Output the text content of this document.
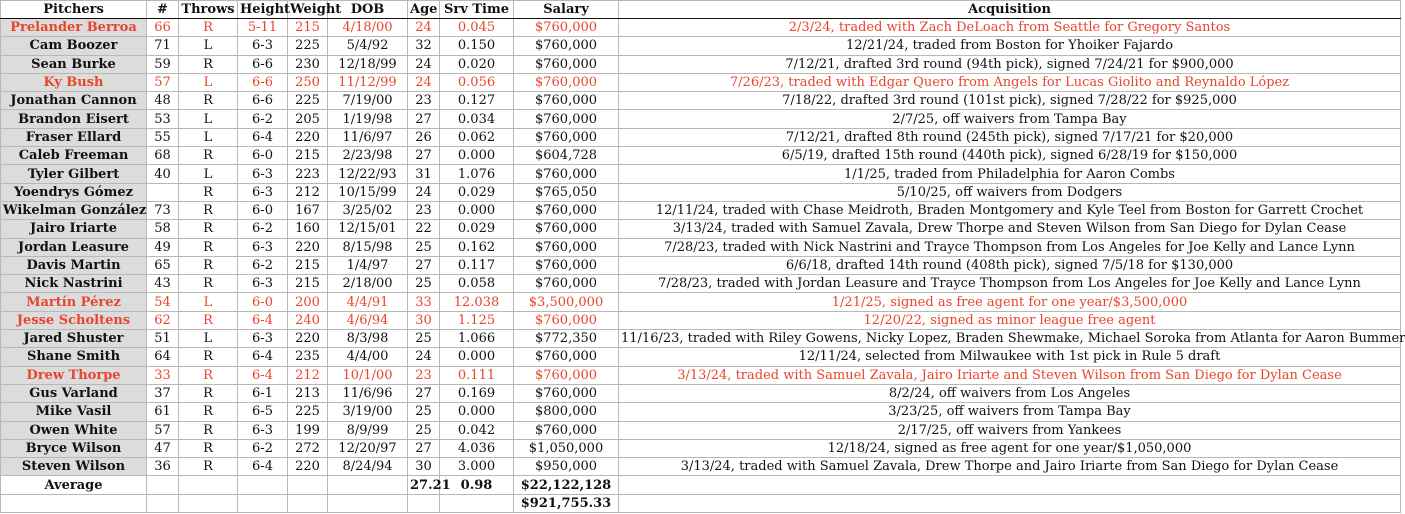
Pitchers	#	Throws	Height	Weight	DOB	Age	Srv Time	Salary	Acquisition
Prelander Berroa	66	R	5-11	215	4/18/00	24	0.045	$760,000	2/3/24, traded with Zach DeLoach from Seattle for Gregory Santos
Cam Boozer	71	L	6-3	225	5/4/92	32	0.150	$760,000	12/21/24, traded from Boston for Yhoiker Fajardo
Sean Burke	59	R	6-6	230	12/18/99	24	0.020	$760,000	7/12/21, drafted 3rd round (94th pick), signed 7/24/21 for $900,000
Ky Bush	57	L	6-6	250	11/12/99	24	0.056	$760,000	7/26/23, traded with Edgar Quero from Angels for Lucas Giolito and Reynaldo López
Jonathan Cannon	48	R	6-6	225	7/19/00	23	0.127	$760,000	7/18/22, drafted 3rd round (101st pick), signed 7/28/22 for $925,000
Brandon Eisert	53	L	6-2	205	1/19/98	27	0.034	$760,000	2/7/25, off waivers from Tampa Bay
Fraser Ellard	55	L	6-4	220	11/6/97	26	0.062	$760,000	7/12/21, drafted 8th round (245th pick), signed 7/17/21 for $20,000
Caleb Freeman	68	R	6-0	215	2/23/98	27	0.000	$604,728	6/5/19, drafted 15th round (440th pick), signed 6/28/19 for $150,000
Tyler Gilbert	40	L	6-3	223	12/22/93	31	1.076	$760,000	1/1/25, traded from Philadelphia for Aaron Combs
Yoendrys Gómez		R	6-3	212	10/15/99	24	0.029	$765,050	5/10/25, off waivers from Dodgers
Wikelman González	73	R	6-0	167	3/25/02	23	0.000	$760,000	12/11/24, traded with Chase Meidroth, Braden Montgomery and Kyle Teel from Boston for Garrett Crochet
Jairo Iriarte	58	R	6-2	160	12/15/01	22	0.029	$760,000	3/13/24, traded with Samuel Zavala, Drew Thorpe and Steven Wilson from San Diego for Dylan Cease
Jordan Leasure	49	R	6-3	220	8/15/98	25	0.162	$760,000	7/28/23, traded with Nick Nastrini and Trayce Thompson from Los Angeles for Joe Kelly and Lance Lynn
Davis Martin	65	R	6-2	215	1/4/97	27	0.117	$760,000	6/6/18, drafted 14th round (408th pick), signed 7/5/18 for $130,000
Nick Nastrini	43	R	6-3	215	2/18/00	25	0.058	$760,000	7/28/23, traded with Jordan Leasure and Trayce Thompson from Los Angeles for Joe Kelly and Lance Lynn
Martín Pérez	54	L	6-0	200	4/4/91	33	12.038	$3,500,000	1/21/25, signed as free agent for one year/$3,500,000
Jesse Scholtens	62	R	6-4	240	4/6/94	30	1.125	$760,000	12/20/22, signed as minor league free agent
Jared Shuster	51	L	6-3	220	8/3/98	25	1.066	$772,350	11/16/23, traded with Riley Gowens, Nicky Lopez, Braden Shewmake, Michael Soroka from Atlanta for Aaron Bummer
Shane Smith	64	R	6-4	235	4/4/00	24	0.000	$760,000	12/11/24, selected from Milwaukee with 1st pick in Rule 5 draft
Drew Thorpe	33	R	6-4	212	10/1/00	23	0.111	$760,000	3/13/24, traded with Samuel Zavala, Jairo Iriarte and Steven Wilson from San Diego for Dylan Cease
Gus Varland	37	R	6-1	213	11/6/96	27	0.169	$760,000	8/2/24, off waivers from Los Angeles
Mike Vasil	61	R	6-5	225	3/19/00	25	0.000	$800,000	3/23/25, off waivers from Tampa Bay
Owen White	57	R	6-3	199	8/9/99	25	0.042	$760,000	2/17/25, off waivers from Yankees
Bryce Wilson	47	R	6-2	272	12/20/97	27	4.036	$1,050,000	12/18/24, signed as free agent for one year/$1,050,000
Steven Wilson	36	R	6-4	220	8/24/94	30	3.000	$950,000	3/13/24, traded with Samuel Zavala, Drew Thorpe and Jairo Iriarte from San Diego for Dylan Cease
Average						27.21	0.98	$22,122,128	
								$921,755.33	
